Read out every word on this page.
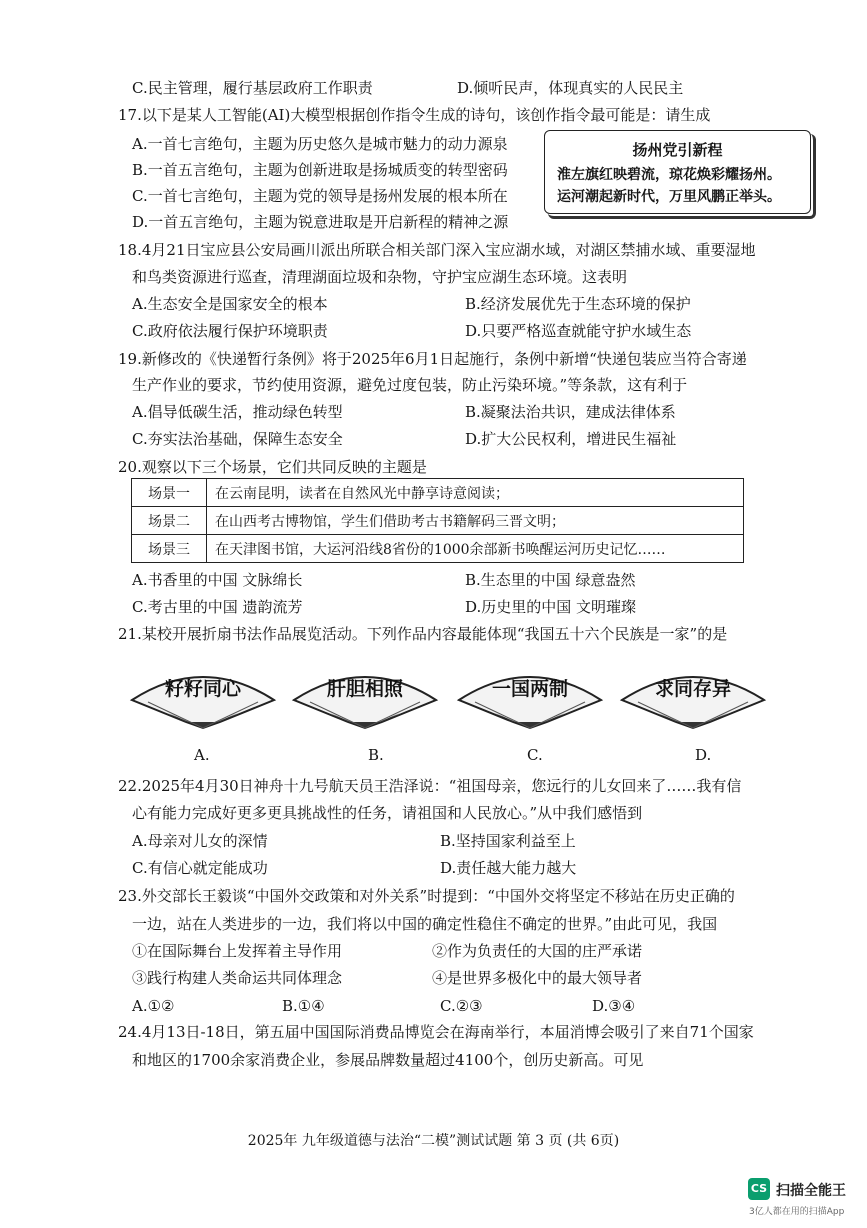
C.民主管理，履行基层政府工作职责	D.倾听民声，体现真实的人民民主
17.以下是某人工智能(AI)大模型根据创作指令生成的诗句，该创作指令最可能是：请生成
A.一首七言绝句，主题为历史悠久是城市魅力的动力源泉
B.一首五言绝句，主题为创新进取是扬城质变的转型密码
C.一首七言绝句，主题为党的领导是扬州发展的根本所在
D.一首五言绝句，主题为锐意进取是开启新程的精神之源
扬州党引新程
淮左旗红映碧流，琼花焕彩耀扬州。
运河潮起新时代，万里风鹏正举头。
18.4月21日宝应县公安局画川派出所联合相关部门深入宝应湖水域，对湖区禁捕水域、重要湿地
和鸟类资源进行巡查，清理湖面垃圾和杂物，守护宝应湖生态环境。这表明
A.生态安全是国家安全的根本	B.经济发展优先于生态环境的保护
C.政府依法履行保护环境职责	D.只要严格巡查就能守护水域生态
19.新修改的《快递暂行条例》将于2025年6月1日起施行，条例中新增“快递包装应当符合寄递
生产作业的要求，节约使用资源，避免过度包装，防止污染环境。”等条款，这有利于
A.倡导低碳生活，推动绿色转型	B.凝聚法治共识，建成法律体系
C.夯实法治基础，保障生态安全	D.扩大公民权利，增进民生福祉
20.观察以下三个场景，它们共同反映的主题是
场景一	在云南昆明，读者在自然风光中静享诗意阅读；
场景二	在山西考古博物馆，学生们借助考古书籍解码三晋文明；
场景三	在天津图书馆，大运河沿线8省份的1000余部新书唤醒运河历史记忆……
A.书香里的中国 文脉绵长	B.生态里的中国 绿意盎然
C.考古里的中国 遗韵流芳	D.历史里的中国 文明璀璨
21.某校开展折扇书法作品展览活动。下列作品内容最能体现“我国五十六个民族是一家”的是
籽籽同心	肝胆相照	一国两制	求同存异
A.	B.	C.	D.
22.2025年4月30日神舟十九号航天员王浩泽说：“祖国母亲，您远行的儿女回来了……我有信
心有能力完成好更多更具挑战性的任务，请祖国和人民放心。”从中我们感悟到
A.母亲对儿女的深情	B.坚持国家利益至上
C.有信心就定能成功	D.责任越大能力越大
23.外交部长王毅谈“中国外交政策和对外关系”时提到：“中国外交将坚定不移站在历史正确的
一边，站在人类进步的一边，我们将以中国的确定性稳住不确定的世界。”由此可见，我国
①在国际舞台上发挥着主导作用	②作为负责任的大国的庄严承诺
③践行构建人类命运共同体理念	④是世界多极化中的最大领导者
A.①②	B.①④	C.②③	D.③④
24.4月13日-18日，第五届中国国际消费品博览会在海南举行，本届消博会吸引了来自71个国家
和地区的1700余家消费企业，参展品牌数量超过4100个，创历史新高。可见
2025年 九年级道德与法治“二模”测试试题 第 3 页 (共 6页)
CS 扫描全能王
3亿人都在用的扫描App
